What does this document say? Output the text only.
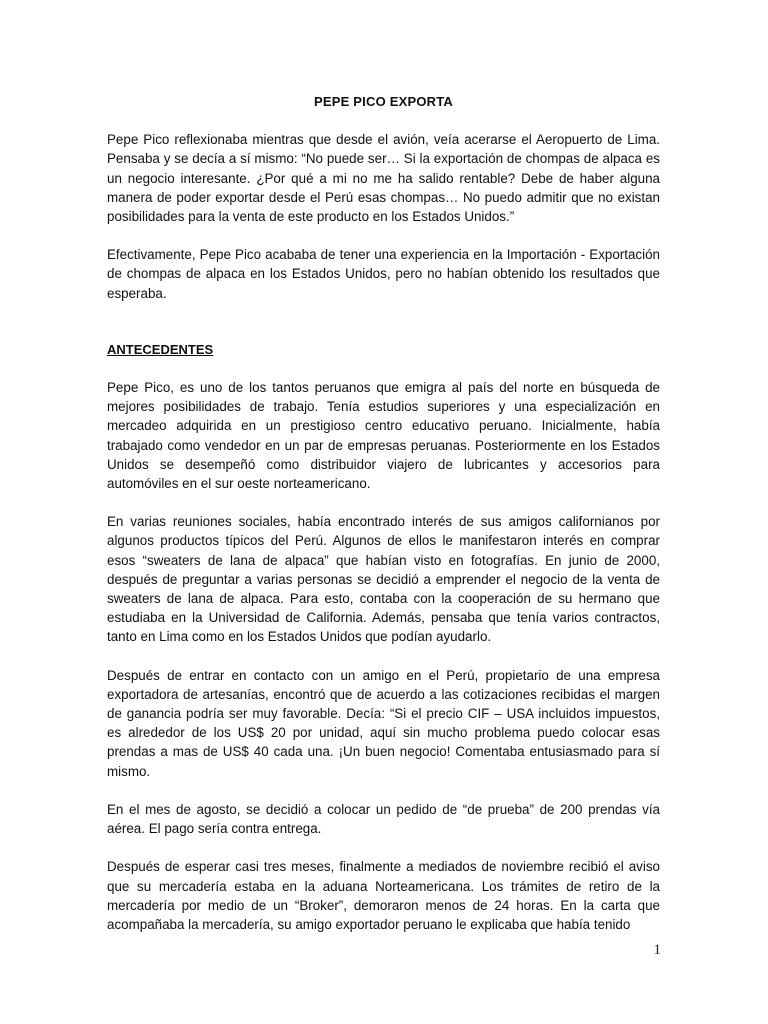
PEPE PICO EXPORTA

Pepe Pico reflexionaba mientras que desde el avión, veía acerarse el Aeropuerto de Lima. Pensaba y se decía a sí mismo: “No puede ser… Si la exportación de chompas de alpaca es un negocio interesante. ¿Por qué a mi no me ha salido rentable? Debe de haber alguna manera de poder exportar desde el Perú esas chompas… No puedo admitir que no existan posibilidades para la venta de este producto en los Estados Unidos.”

Efectivamente, Pepe Pico acababa de tener una experiencia en la Importación - Exportación de chompas de alpaca en los Estados Unidos, pero no habían obtenido los resultados que esperaba.

ANTECEDENTES

Pepe Pico, es uno de los tantos peruanos que emigra al país del norte en búsqueda de mejores posibilidades de trabajo. Tenía estudios superiores y una especialización en mercadeo adquirida en un prestigioso centro educativo peruano. Inicialmente, había trabajado como vendedor en un par de empresas peruanas. Posteriormente en los Estados Unidos se desempeñó como distribuidor viajero de lubricantes y accesorios para automóviles en el sur oeste norteamericano.

En varias reuniones sociales, había encontrado interés de sus amigos californianos por algunos productos típicos del Perú. Algunos de ellos le manifestaron interés en comprar esos “sweaters de lana de alpaca” que habían visto en fotografías. En junio de 2000, después de preguntar a varias personas se decidió a emprender el negocio de la venta de sweaters de lana de alpaca. Para esto, contaba con la cooperación de su hermano que estudiaba en la Universidad de California. Además, pensaba que tenía varios contractos, tanto en Lima como en los Estados Unidos que podían ayudarlo.

Después de entrar en contacto con un amigo en el Perú, propietario de una empresa exportadora de artesanías, encontró que de acuerdo a las cotizaciones recibidas el margen de ganancia podría ser muy favorable. Decía: “Si el precio CIF – USA incluidos impuestos, es alrededor de los US$ 20 por unidad, aquí sin mucho problema puedo colocar esas prendas a mas de US$ 40 cada una. ¡Un buen negocio! Comentaba entusiasmado para sí mismo.

En el mes de agosto, se decidió a colocar un pedido de “de prueba” de 200 prendas vía aérea. El pago sería contra entrega.

Después de esperar casi tres meses, finalmente a mediados de noviembre recibió el aviso que su mercadería estaba en la aduana Norteamericana. Los trámites de retiro de la mercadería por medio de un “Broker”, demoraron menos de 24 horas. En la carta que acompañaba la mercadería, su amigo exportador peruano le explicaba que había tenido

1
